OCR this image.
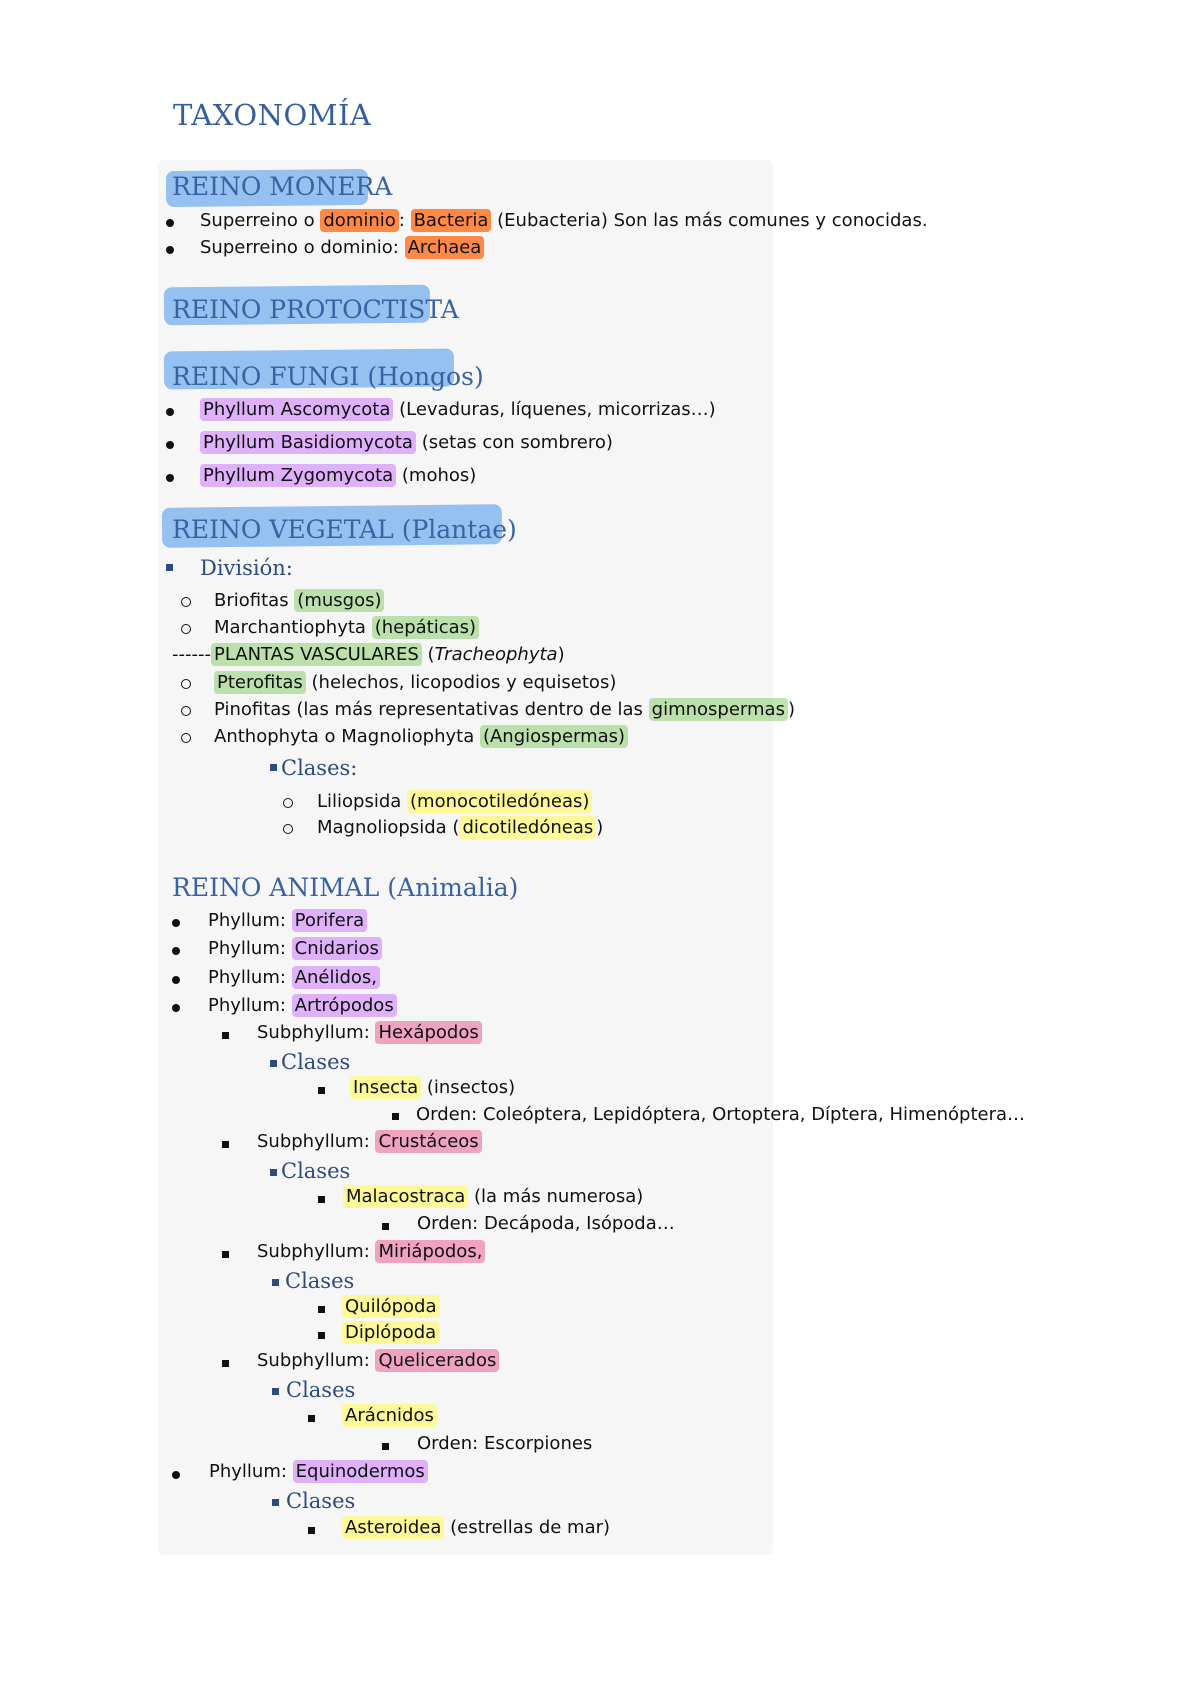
TAXONOMÍA
REINO MONERA
Superreino o dominio : Bacteria (Eubacteria) Son las más comunes y conocidas.
Superreino o dominio: Archaea
REINO PROTOCTISTA
REINO FUNGI (Hongos)
Phyllum Ascomycota (Levaduras, líquenes, micorrizas…)
Phyllum Basidiomycota (setas con sombrero)
Phyllum Zygomycota (mohos)
REINO VEGETAL (Plantae)
División:
Briofitas (musgos)
Marchantiophyta (hepáticas)
------ PLANTAS VASCULARES (Tracheophyta)
Pterofitas (helechos, licopodios y equisetos)
Pinofitas (las más representativas dentro de las gimnospermas )
Anthophyta o Magnoliophyta (Angiospermas)
Clases:
Liliopsida (monocotiledóneas)
Magnoliopsida ( dicotiledóneas )
REINO ANIMAL (Animalia)
Phyllum: Porifera
Phyllum: Cnidarios
Phyllum: Anélidos,
Phyllum: Artrópodos
Subphyllum: Hexápodos
Clases
Insecta (insectos)
Orden: Coleóptera, Lepidóptera, Ortoptera, Díptera, Himenóptera…
Subphyllum: Crustáceos
Clases
Malacostraca (la más numerosa)
Orden: Decápoda, Isópoda…
Subphyllum: Miriápodos,
Clases
Quilópoda
Diplópoda
Subphyllum: Quelicerados
Clases
Arácnidos
Orden: Escorpiones
Phyllum: Equinodermos
Clases
Asteroidea (estrellas de mar)
